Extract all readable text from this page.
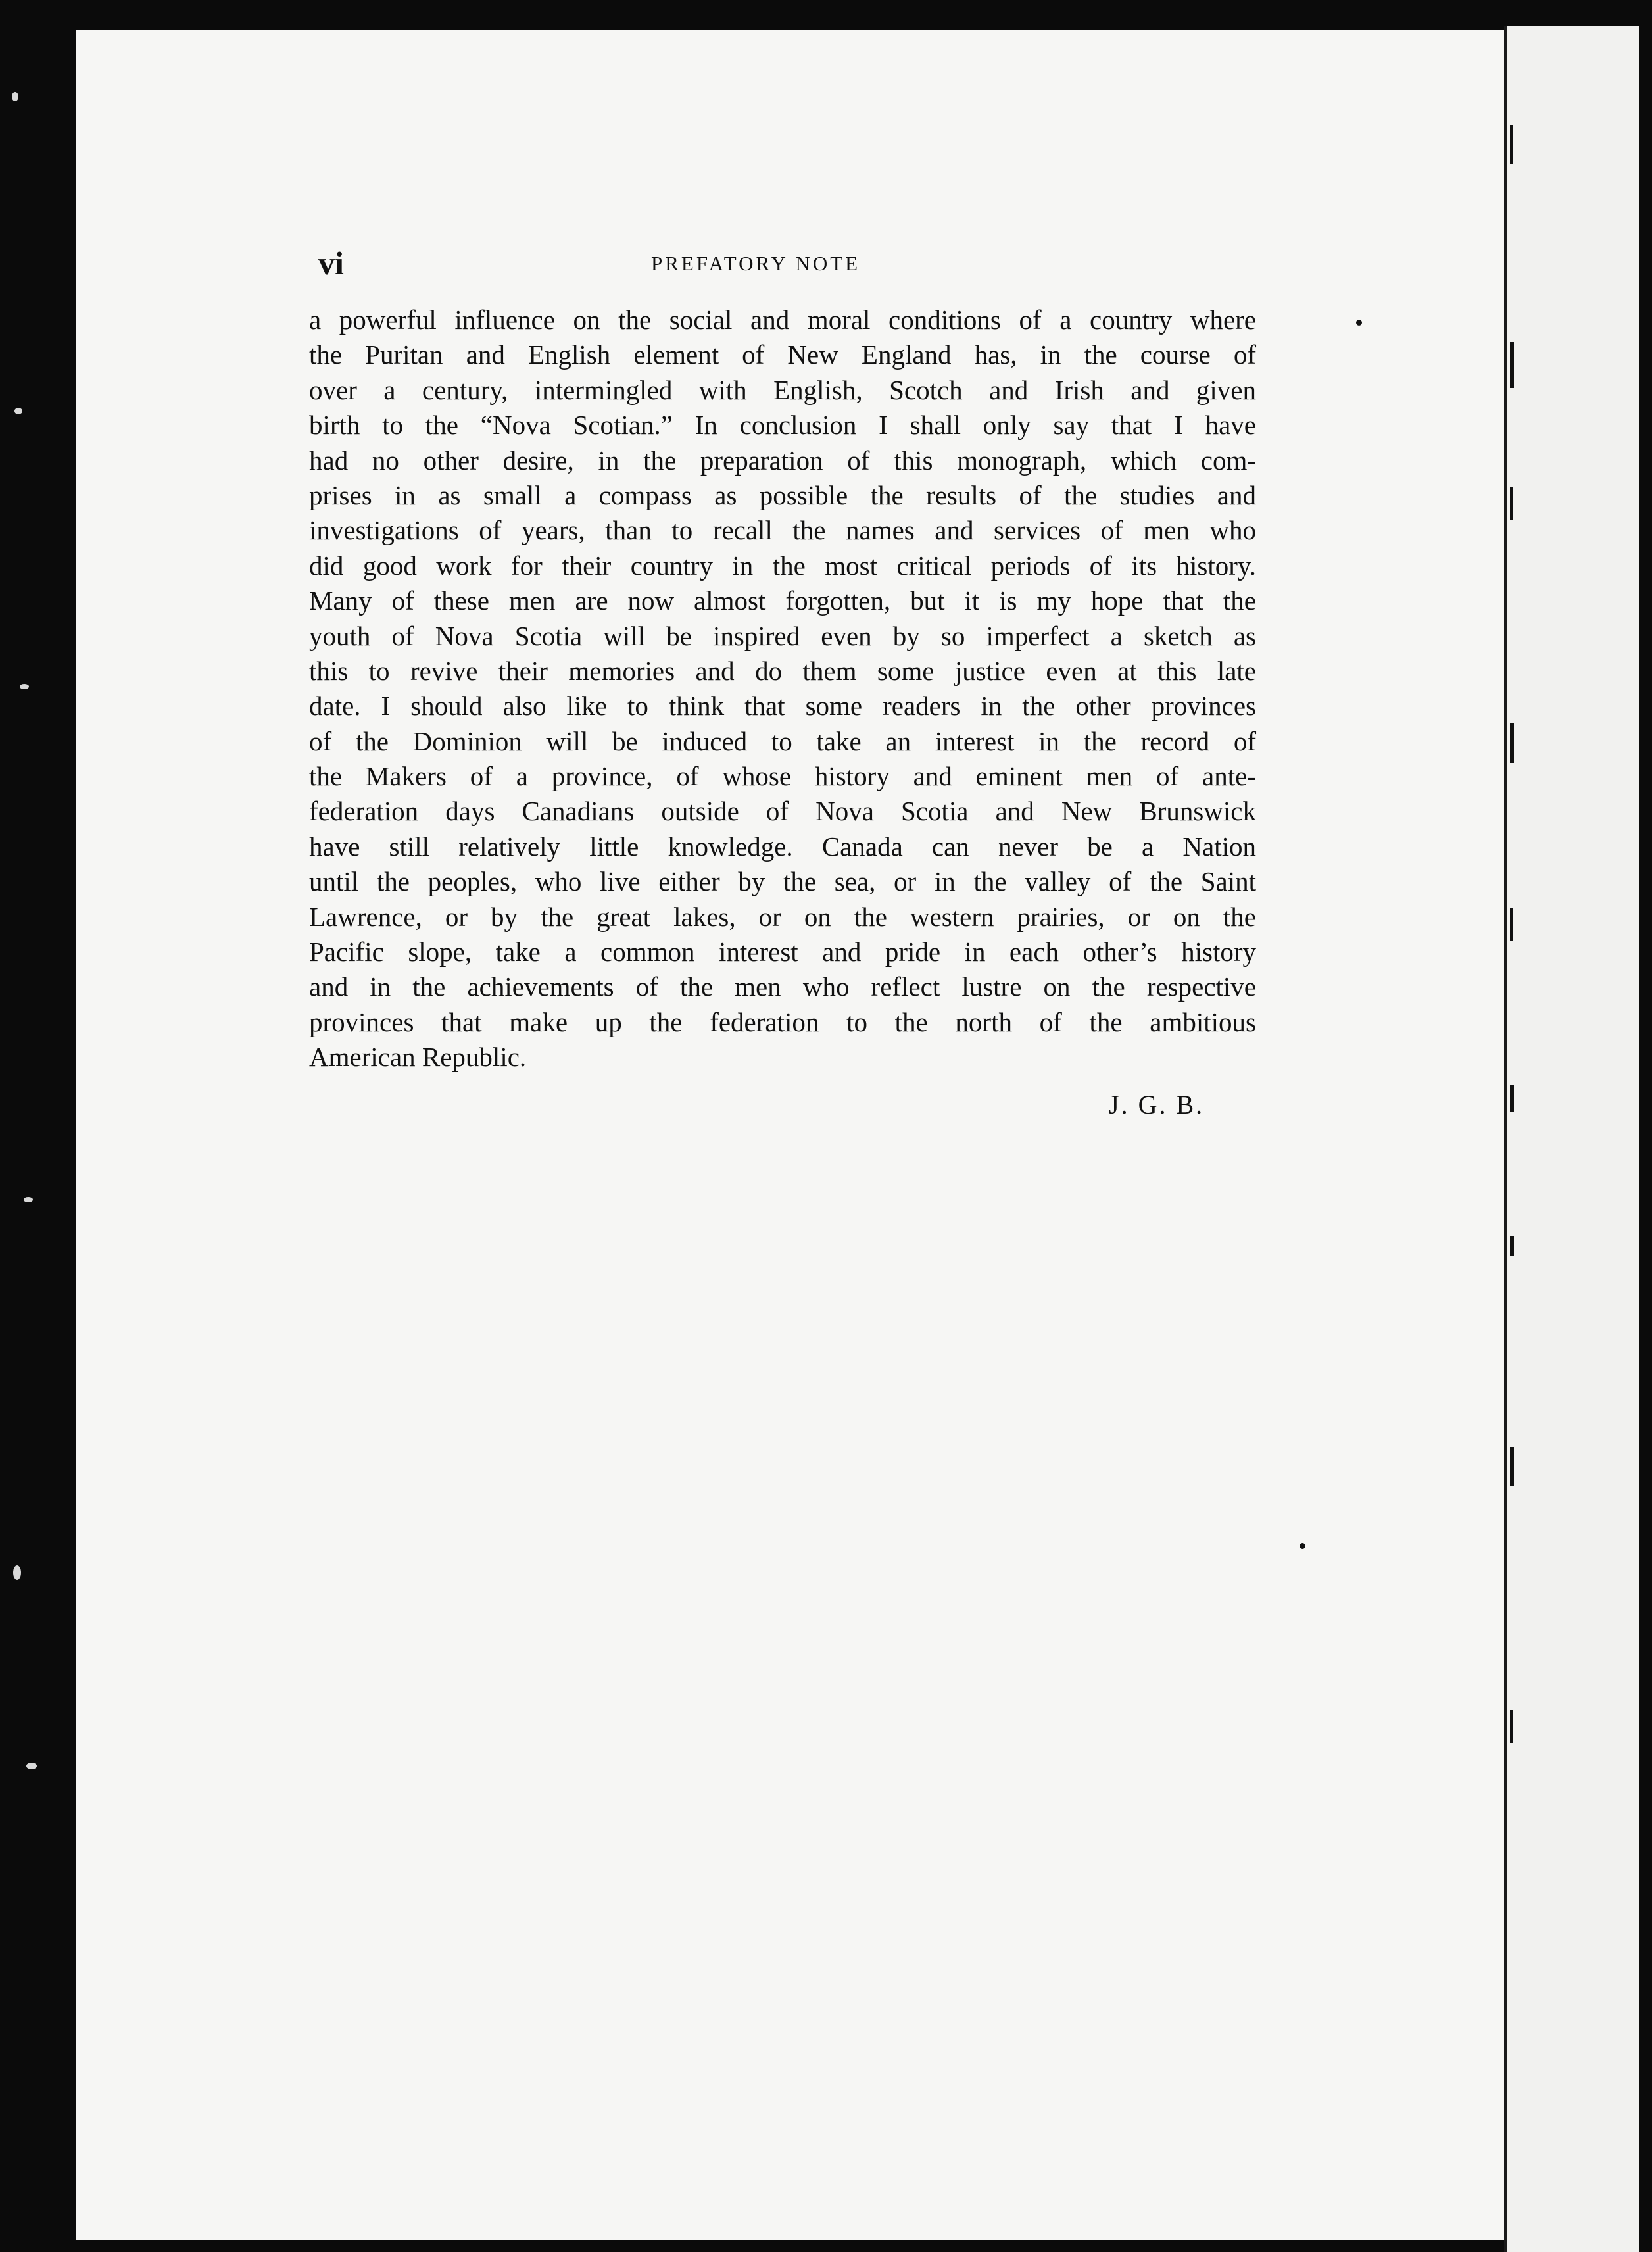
vi	PREFATORY NOTE
a powerful influence on the social and moral conditions of a country where
the Puritan and English element of New England has, in the course of
over a century, intermingled with English, Scotch and Irish and given
birth to the “Nova Scotian.” In conclusion I shall only say that I have
had no other desire, in the preparation of this monograph, which com-
prises in as small a compass as possible the results of the studies and
investigations of years, than to recall the names and services of men who
did good work for their country in the most critical periods of its history.
Many of these men are now almost forgotten, but it is my hope that the
youth of Nova Scotia will be inspired even by so imperfect a sketch as
this to revive their memories and do them some justice even at this late
date. I should also like to think that some readers in the other provinces
of the Dominion will be induced to take an interest in the record of
the Makers of a province, of whose history and eminent men of ante-
federation days Canadians outside of Nova Scotia and New Brunswick
have still relatively little knowledge. Canada can never be a Nation
until the peoples, who live either by the sea, or in the valley of the Saint
Lawrence, or by the great lakes, or on the western prairies, or on the
Pacific slope, take a common interest and pride in each other’s history
and in the achievements of the men who reflect lustre on the respective
provinces that make up the federation to the north of the ambitious
American Republic.
J. G. B.
